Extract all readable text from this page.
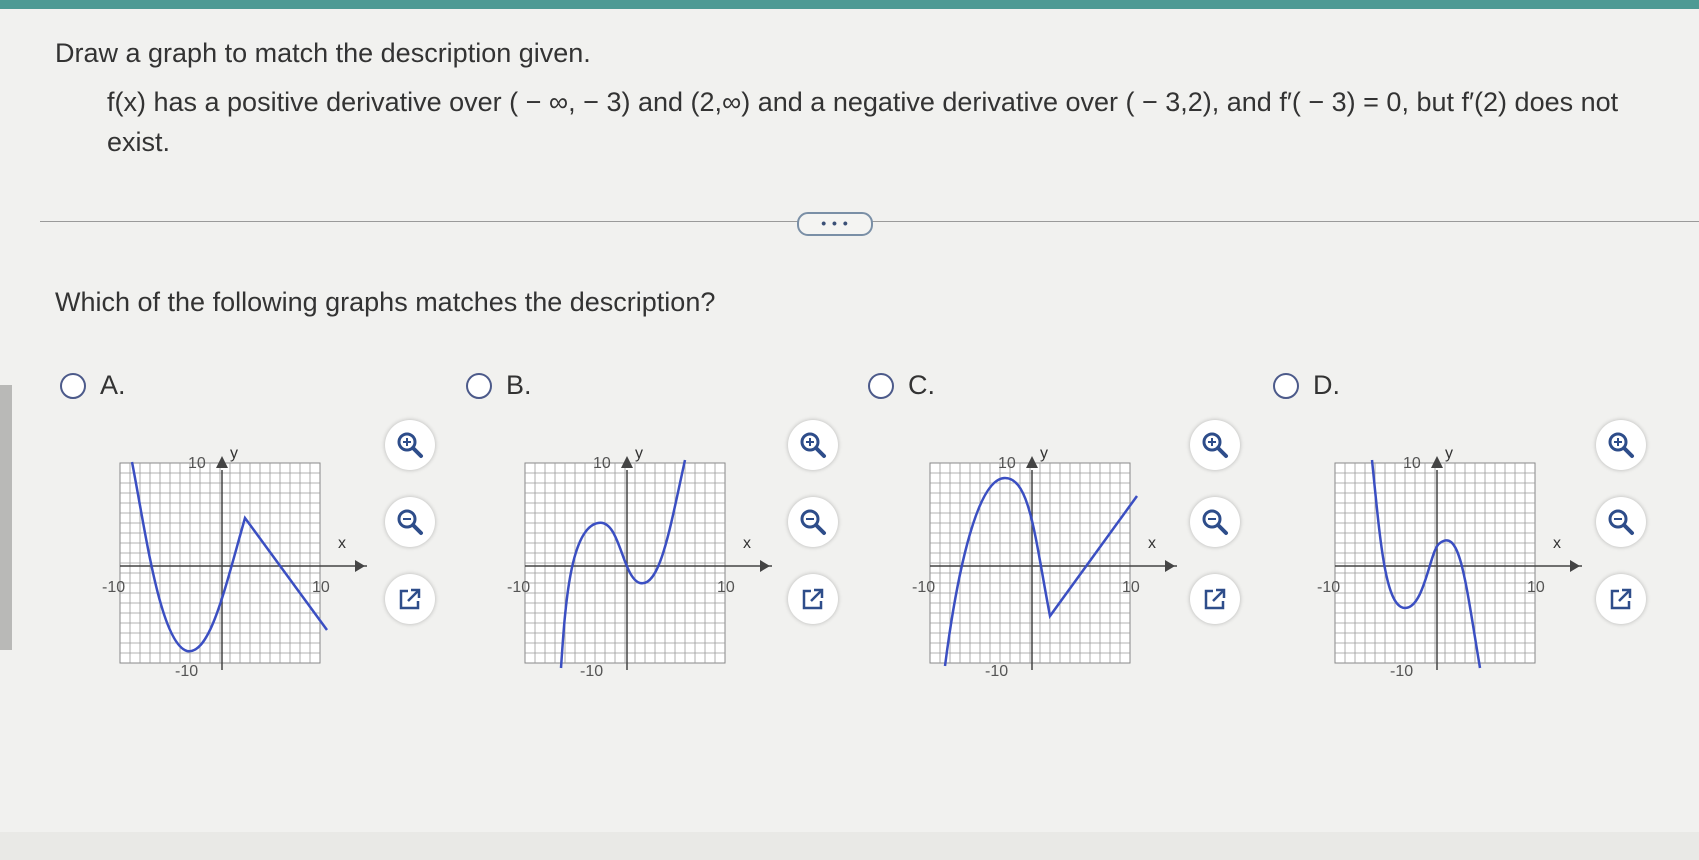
Draw a graph to match the description given.
f(x) has a positive derivative over ( − ∞, − 3) and (2,∞) and a negative derivative over ( − 3,2), and f′( − 3) = 0, but f′(2) does not exist.
• • •
Which of the following graphs matches the description?
A.	B.	C.	D.
x
y
10
-10
-10	10
x
y
10
-10
-10	10
x
y
10
-10
-10	10
x
y
10
-10
-10	10
